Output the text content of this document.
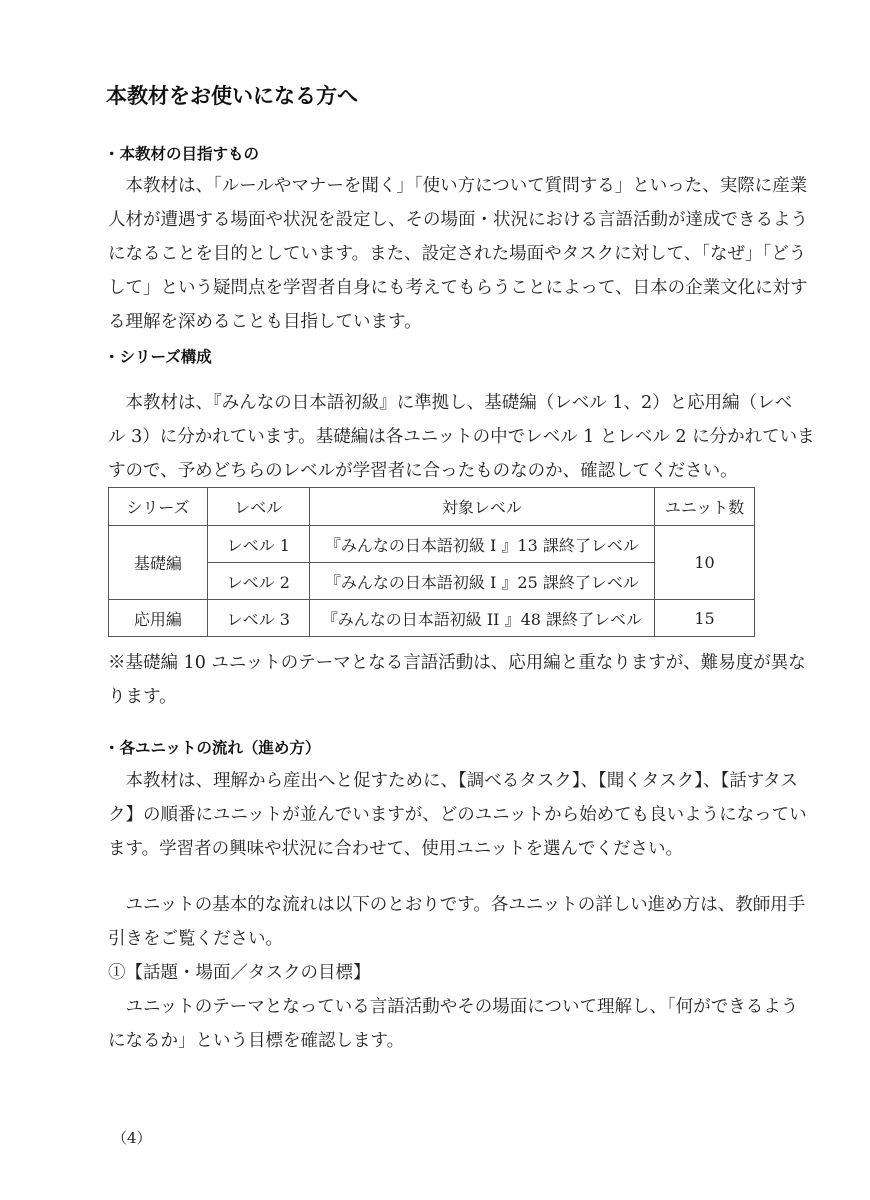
本教材をお使いになる方へ
・本教材の目指すもの
　本教材は、「ルールやマナーを聞く」「使い方について質問する」といった、実際に産業
人材が遭遇する場面や状況を設定し、その場面・状況における言語活動が達成できるよう
になることを目的としています。また、設定された場面やタスクに対して、「なぜ」「どう
して」という疑問点を学習者自身にも考えてもらうことによって、日本の企業文化に対す
る理解を深めることも目指しています。
・シリーズ構成
　本教材は、『みんなの日本語初級』に準拠し、基礎編（レベル 1、2）と応用編（レベ
ル 3）に分かれています。基礎編は各ユニットの中でレベル 1 とレベル 2 に分かれていま
すので、予めどちらのレベルが学習者に合ったものなのか、確認してください。
シリーズ	レベル	対象レベル	ユニット数
基礎編	レベル 1	『みんなの日本語初級 I 』13 課終了レベル	10
	レベル 2	『みんなの日本語初級 I 』25 課終了レベル	
応用編	レベル 3	『みんなの日本語初級 II 』48 課終了レベル	15
※基礎編 10 ユニットのテーマとなる言語活動は、応用編と重なりますが、難易度が異な
ります。
・各ユニットの流れ（進め方）
　本教材は、理解から産出へと促すために、【調べるタスク】、【聞くタスク】、【話すタス
ク】の順番にユニットが並んでいますが、どのユニットから始めても良いようになってい
ます。学習者の興味や状況に合わせて、使用ユニットを選んでください。
　ユニットの基本的な流れは以下のとおりです。各ユニットの詳しい進め方は、教師用手
引きをご覧ください。
①【話題・場面／タスクの目標】
　ユニットのテーマとなっている言語活動やその場面について理解し、「何ができるよう
になるか」という目標を確認します。
（4）
